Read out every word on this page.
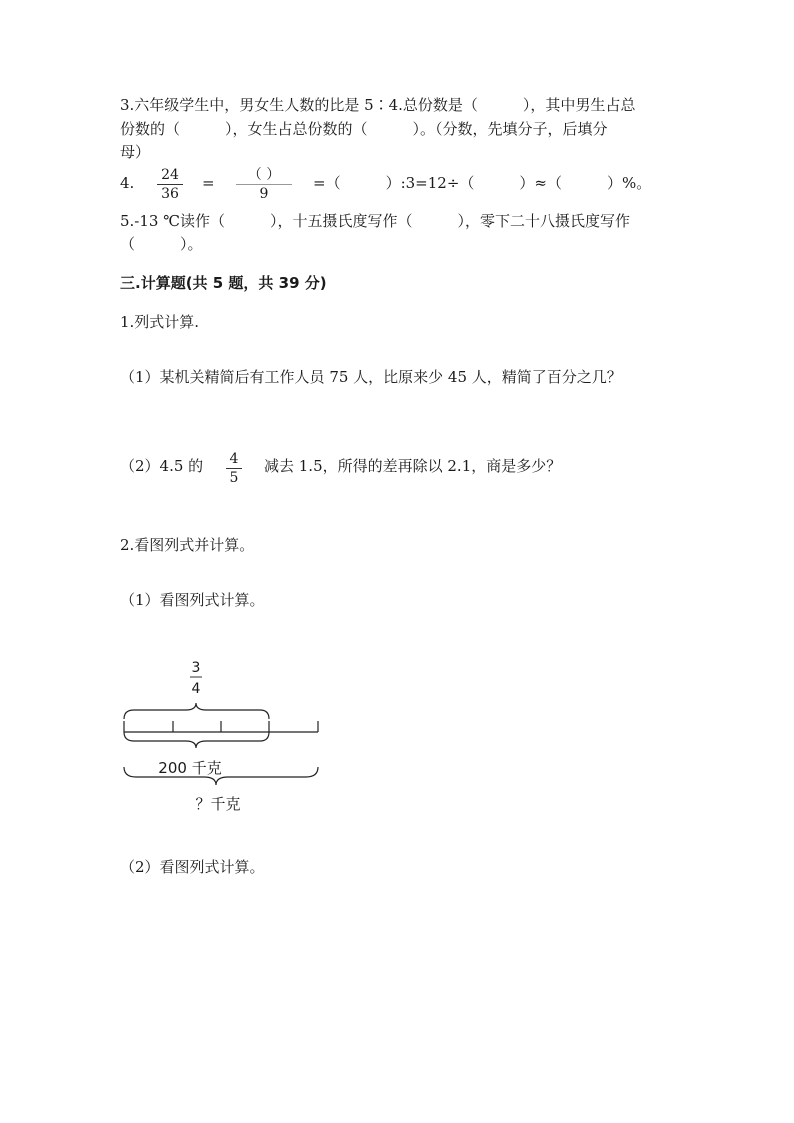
3.六年级学生中，男女生人数的比是 5∶4.总份数是（　　　），其中男生占总
份数的（　　　），女生占总份数的（　　　）。（分数，先填分子，后填分
母）
4. 24
36
=	（ ）
9
=（　　　）:3=12÷（　　　）≈（　　　）%。
5.-13 ℃读作（　　　），十五摄氏度写作（　　　），零下二十八摄氏度写作
（　　　）。
三.计算题(共 5 题，共 39 分)
1.列式计算.
（1）某机关精简后有工作人员 75 人，比原来少 45 人，精简了百分之几？
（2）4.5 的 4
5
减去 1.5，所得的差再除以 2.1，商是多少？
2.看图列式并计算。
（1）看图列式计算。
3
4
200 千克
？千克
（2）看图列式计算。
